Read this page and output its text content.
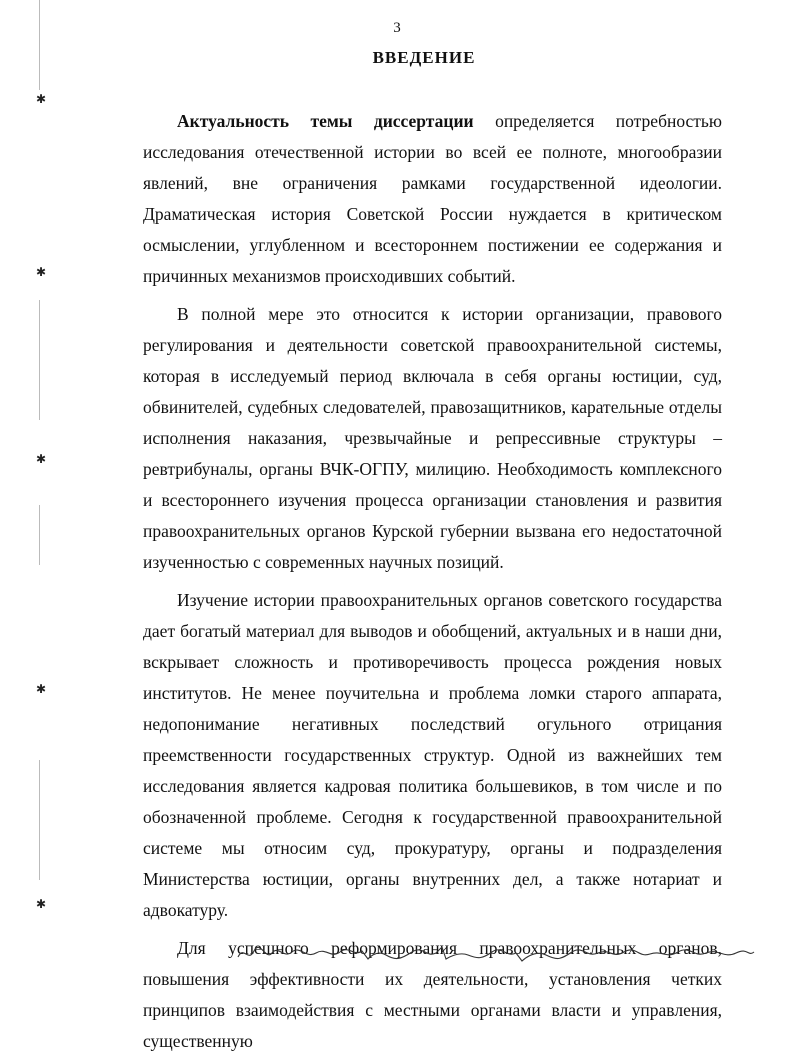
3
ВВЕДЕНИЕ
✱
✱
✱
✱
✱

Актуальность темы диссертации определяется потребностью исследования отечественной истории во всей ее полноте, многообразии явлений, вне ограничения рамками государственной идеологии. Драматическая история Советской России нуждается в критическом осмыслении, углубленном и всестороннем постижении ее содержания и причинных механизмов происходивших событий.

В полной мере это относится к истории организации, правового регулирования и деятельности советской правоохранительной системы, которая в исследуемый период включала в себя органы юстиции, суд, обвинителей, судебных следователей, правозащитников, карательные отделы исполнения наказания, чрезвычайные и репрессивные структуры – ревтрибуналы, органы ВЧК-ОГПУ, милицию. Необходимость комплексного и всестороннего изучения процесса организации становления и развития правоохранительных органов Курской губернии вызвана его недостаточной изученностью с современных научных позиций.

Изучение истории правоохранительных органов советского государства дает богатый материал для выводов и обобщений, актуальных и в наши дни, вскрывает сложность и противоречивость процесса рождения новых институтов. Не менее поучительна и проблема ломки старого аппарата, недопонимание негативных последствий огульного отрицания преемственности государственных структур. Одной из важнейших тем исследования является кадровая политика большевиков, в том числе и по обозначенной проблеме. Сегодня к государственной правоохранительной системе мы относим суд, прокуратуру, органы и подразделения Министерства юстиции, органы внутренних дел, а также нотариат и адвокатуру.

Для успешного реформирования правоохранительных органов, повышения эффективности их деятельности, установления четких принципов взаимодействия с местными органами власти и управления, существенную
